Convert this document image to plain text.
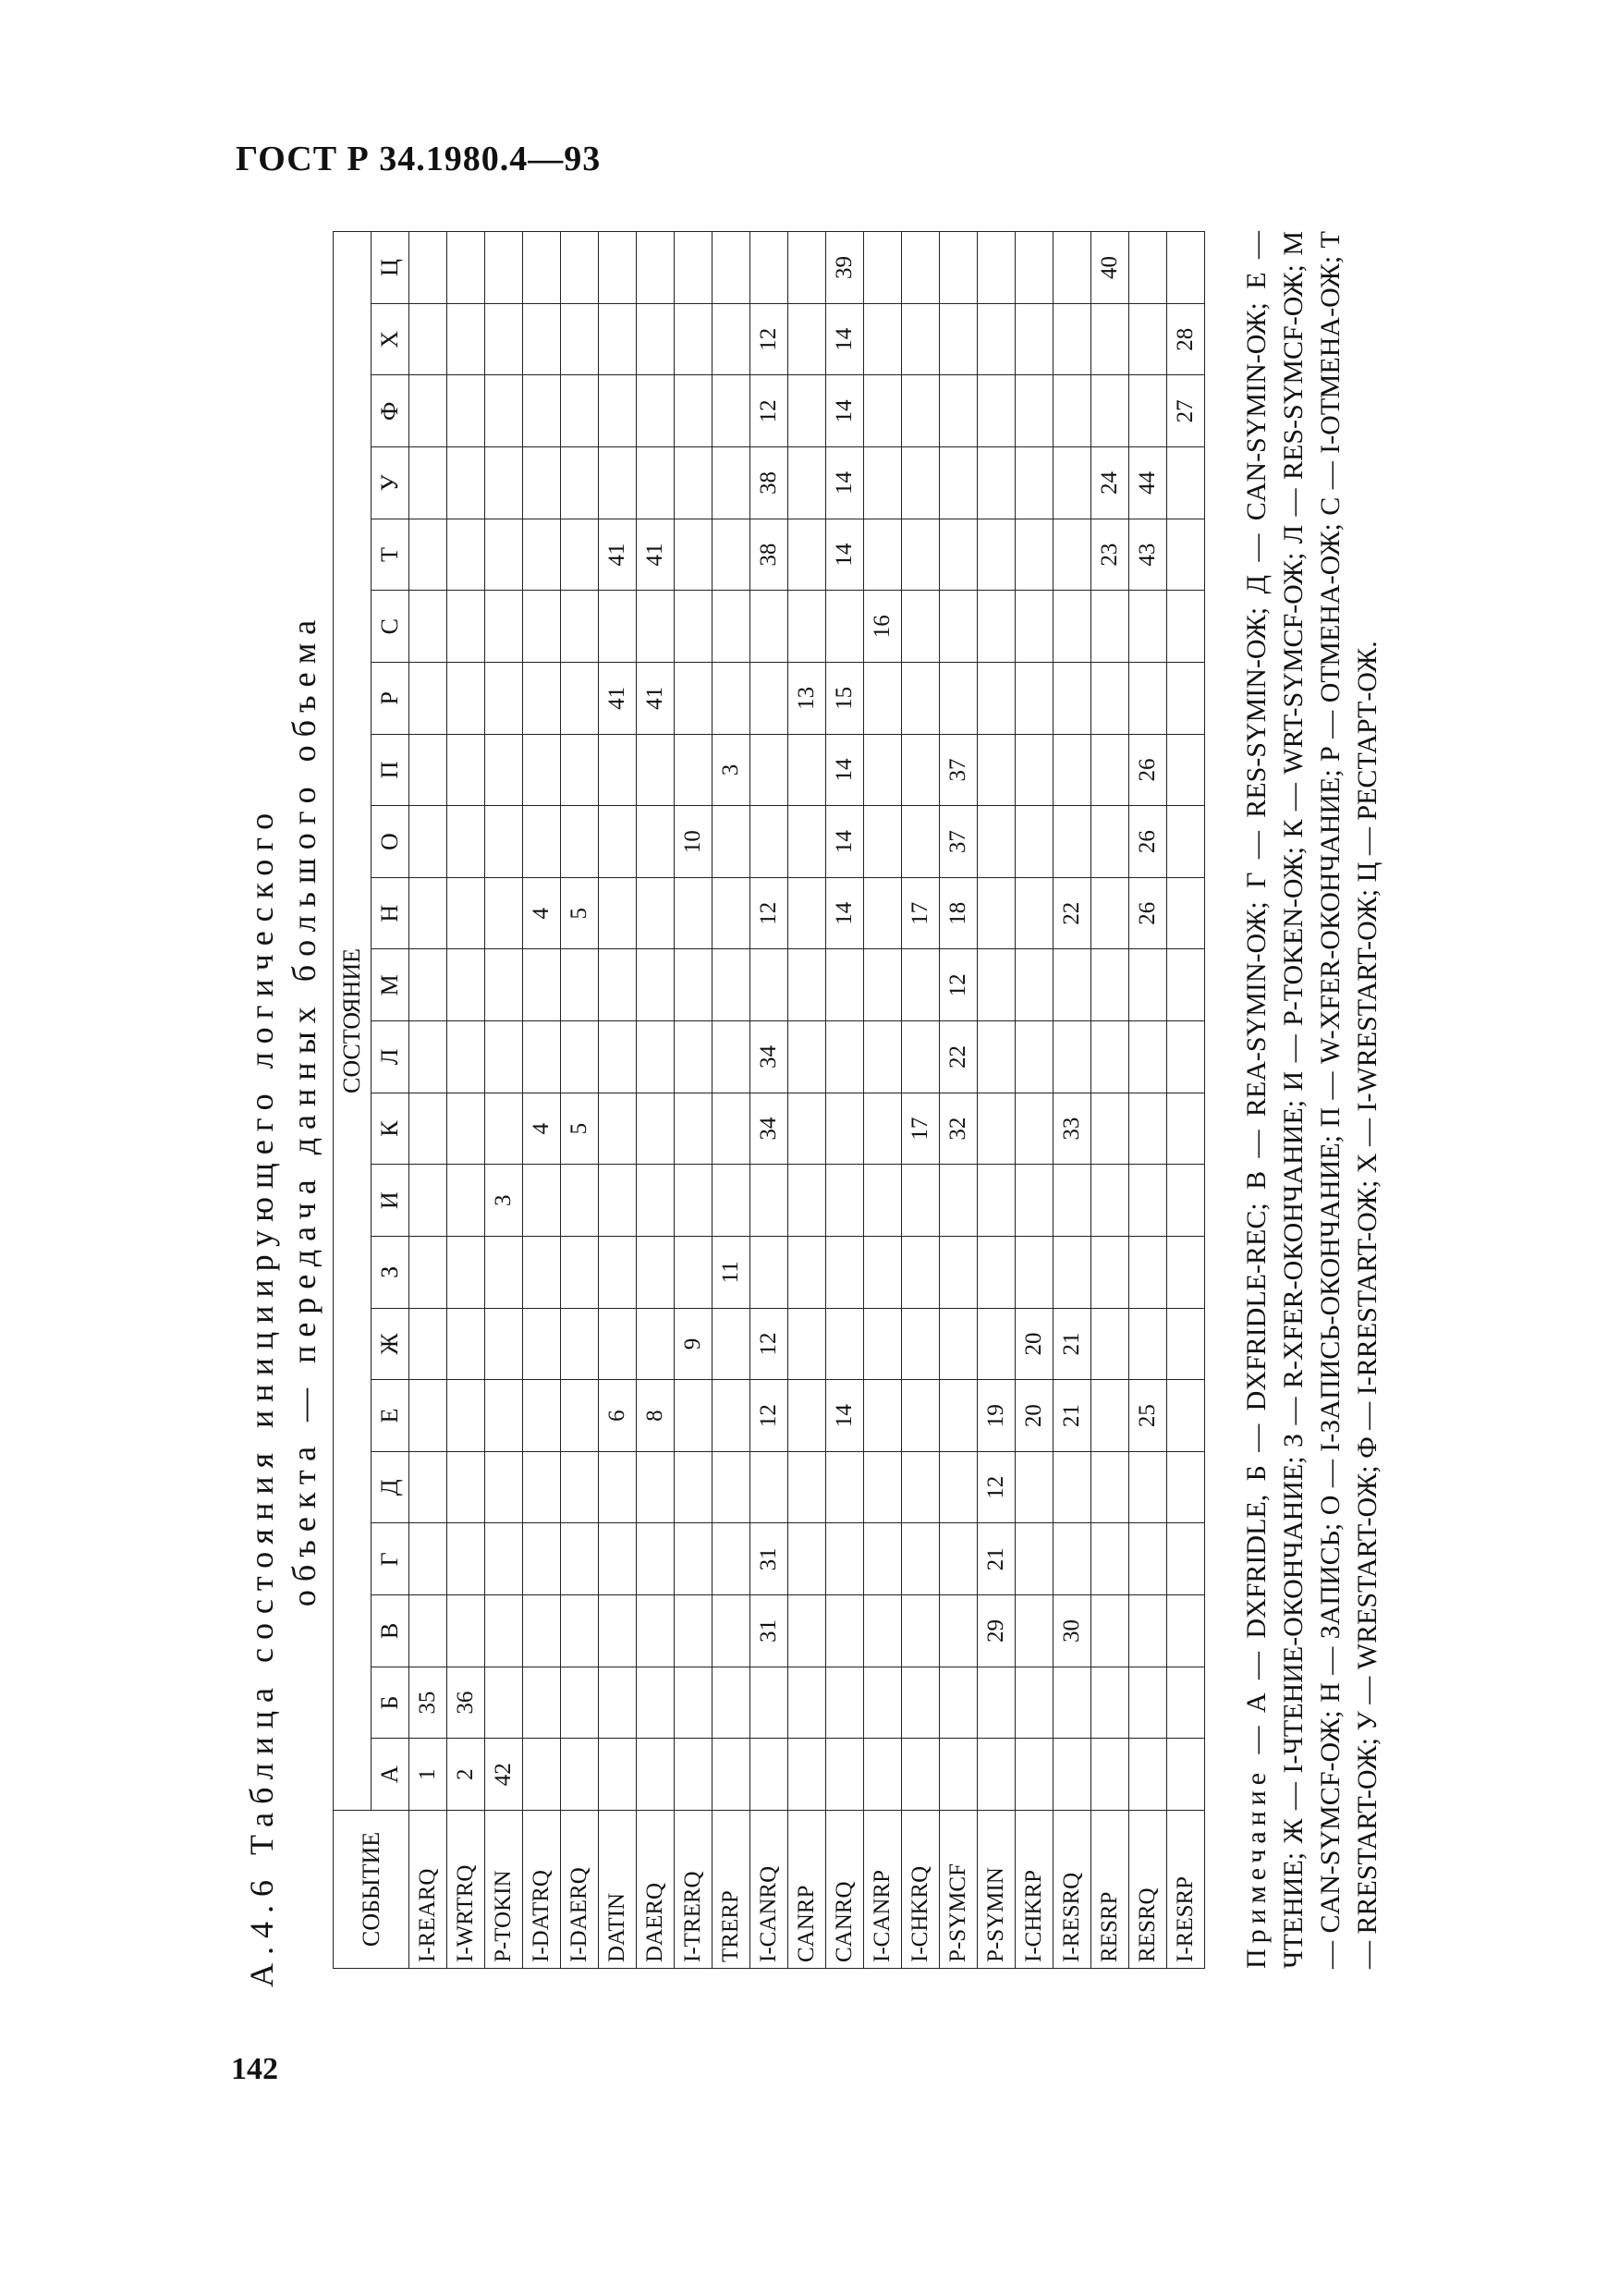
ГОСТ Р 34.1980.4—93
142
А.4.6 Таблица состояния инициирующего логического объекта — передача данных большого объема
СОБЫТИЕ	СОСТОЯНИЕ																					
	А	Б	В	Г	Д	Е	Ж	З	И	К	Л	М	Н	О	П	Р	С	Т	У	Ф	Х	Ц
I-REARQ	1	35																				
I-WRTRQ	2	36																				
P-TOKIN	42								3													
I-DATRQ										4			4									
I-DAERQ										5			5									
DATIN						6										41		41				
DAERQ						8										41		41				
I-TRERQ							9							10								
TRERP								11							3							
I-CANRQ			31	31		12	12			34	34		12					38	38	12	12	
CANRP																13						
CANRQ						14							14	14	14	15		14	14	14	14	39
I-CANRP																	16					
I-CHKRQ										17			17									
P-SYMCF										32	22	12	18	37	37							
P-SYMIN			29	21	12	19																
I-CHKRP						20	20															
I-RESRQ			30			21	21			33			22									
RESRP																		23	24			40
RESRQ						25							26	26	26			43	44			
I-RESRP																				27	28	
Примечание — А — DXFRIDLE, Б — DXFRIDLE-REC; В — REA-SYMIN-ОЖ; Г — RES-SYMIN-ОЖ; Д — CAN-SYMIN-ОЖ; Е — ЧТЕНИЕ; Ж — I-ЧТЕНИЕ-ОКОНЧАНИЕ; З — R-XFER-ОКОНЧАНИЕ; И — P-TOKEN-ОЖ; К — WRT-SYMCF-ОЖ; Л — RES-SYMCF-ОЖ; М — CAN-SYMCF-ОЖ; Н — ЗАПИСЬ; О — I-ЗАПИСЬ-ОКОНЧАНИЕ; П — W-XFER-ОКОНЧАНИЕ; Р — ОТМЕНА-ОЖ; С — I-ОТМЕНА-ОЖ; Т — RRESTART-ОЖ; У — WRESTART-ОЖ; Ф — I-RRESTART-ОЖ; Х — I-WRESTART-ОЖ; Ц — РЕСТАРТ-ОЖ.
